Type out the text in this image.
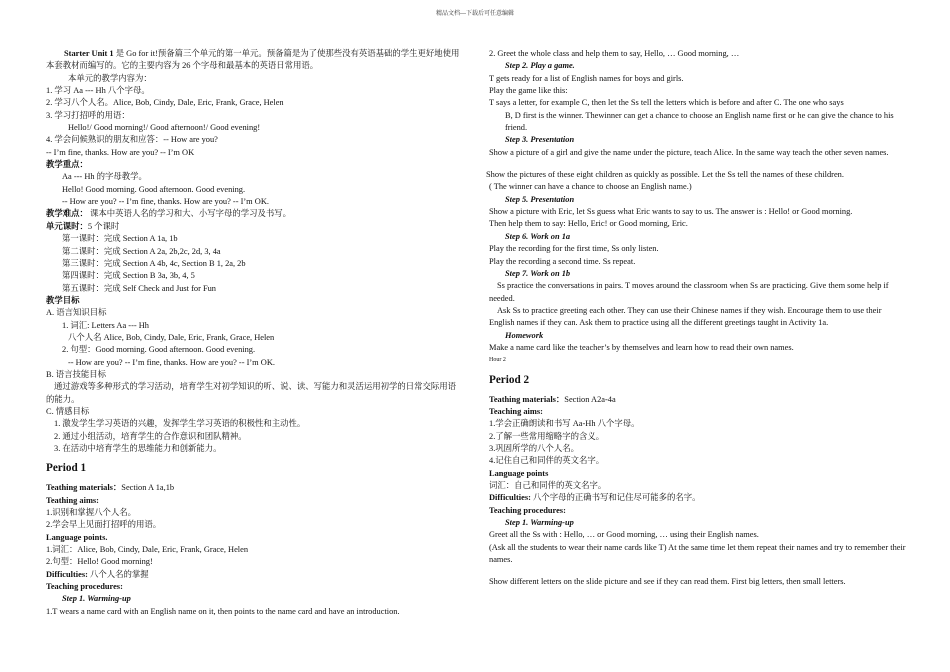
精品文档---下载后可任意编辑
Starter Unit 1 是 Go for it!预备篇三个单元的第一单元。预备篇是为了使那些没有英语基础的学生更好地使用本套教材而编写的。它的主要内容为 26 个字母和最基本的英语日常用语。
本单元的教学内容为：
1. 学习 Aa --- Hh 八个字母。
2. 学习八个人名。Alice, Bob, Cindy, Dale, Eric, Frank, Grace, Helen
3. 学习打招呼的用语：
Hello!/ Good morning!/ Good afternoon!/ Good evening!
4. 学会问候熟识的朋友和应答：-- How are you?
-- I’m fine, thanks. How are you? -- I’m OK
教学重点：
Aa --- Hh 的字母教学。
Hello! Good morning. Good afternoon. Good evening.
-- How are you? -- I’m fine, thanks. How are you? -- I’m OK.
教学难点： 课本中英语人名的学习和大、小写字母的学习及书写。
单元课时：5 个课时
第一课时：完成 Section A 1a, 1b
第二课时：完成 Section A 2a, 2b,2c, 2d, 3, 4a
第三课时：完成 Section A 4b, 4c, Section B 1, 2a, 2b
第四课时：完成 Section B 3a, 3b, 4, 5
第五课时：完成 Self Check and Just for Fun
教学目标
A. 语言知识目标
1. 词汇: Letters Aa --- Hh
八个人名 Alice, Bob, Cindy, Dale, Eric, Frank, Grace, Helen
2. 句型：Good morning. Good afternoon. Good evening.
-- How are you? -- I’m fine, thanks. How are you? -- I’m OK.
B. 语言技能目标
通过游戏等多种形式的学习活动，培育学生对初学知识的听、说、读、写能力和灵活运用初学的日常交际用语的能力。
C. 情感目标
1. 激发学生学习英语的兴趣，发挥学生学习英语的积极性和主动性。
2. 通过小组活动，培育学生的合作意识和团队精神。
3. 在活动中培育学生的思维能力和创新能力。
Period 1
Teathing materials：Section A 1a,1b
Teathing aims:
1.识别和掌握八个人名。
2.学会早上见面打招呼的用语。
Language points.
1.词汇：Alice, Bob, Cindy, Dale, Eric, Frank, Grace, Helen
2.句型：Hello! Good morning!
Difficulties: 八个人名的掌握
Teaching procedures:
Step 1. Warming-up
1.T wears a name card with an English name on it, then points to the name card and have an introduction.
2. Greet the whole class and help them to say, Hello, … Good morning, …
Step 2. Play a game.
T gets ready for a list of English names for boys and girls.
Play the game like this:
T says a letter, for example C, then let the Ss tell the letters which is before and after C. The one who says
B, D first is the winner. Thewinner can get a chance to choose an English name first or he can give the chance to his friend.
Step 3. Presentation
Show a picture of a girl and give the name under the picture, teach Alice. In the same way teach the other seven names.
Show the pictures of these eight children as quickly as possible. Let the Ss tell the names of these children.
( The winner can have a chance to choose an English name.)
Step 5. Presentation
Show a picture with Eric, let Ss guess what Eric wants to say to us. The answer is : Hello! or Good morning.
Then help them to say: Hello, Eric! or Good morning, Eric.
Step 6. Work on 1a
Play the recording for the first time, Ss only listen.
Play the recording a second time. Ss repeat.
Step 7. Work on 1b
Ss practice the conversations in pairs. T moves around the classroom when Ss are practicing. Give them some help if needed.
Ask Ss to practice greeting each other. They can use their Chinese names if they wish. Encourage them to use their English names if they can. Ask them to practice using all the different greetings taught in Activity 1a.
Homework
Make a name card like the teacher’s by themselves and learn how to read their own names.
Hour 2
Period 2
Teathing materials：Section A2a-4a
Teaching aims:
1.学会正确朗读和书写 Aa-Hh 八个字母。
2.了解一些常用缩略字的含义。
3.巩固所学的八个人名。
4.记住自己和同伴的英文名字。
Language points
词汇：自己和同伴的英文名字。
Difficulties: 八个字母的正确书写和记住尽可能多的名字。
Teaching procedures:
Step 1. Warming-up
Greet all the Ss with : Hello, … or Good morning, … using their English names.
(Ask all the students to wear their name cards like T) At the same time let them repeat their names and try to remember their names.
Show different letters on the slide picture and see if they can read them. First big letters, then small letters.
